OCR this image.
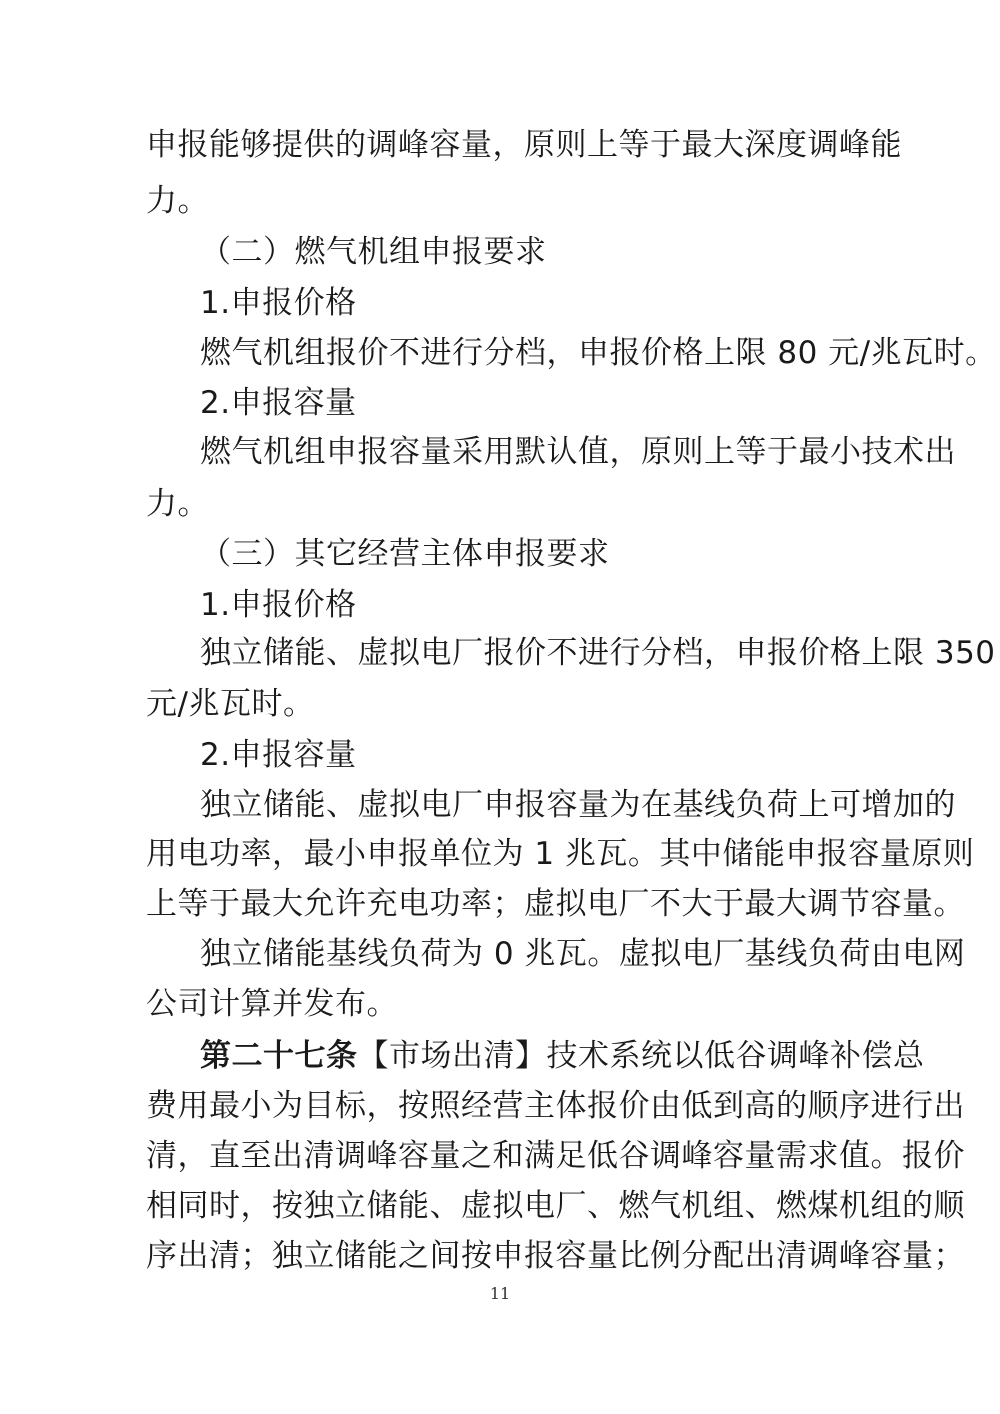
申报能够提供的调峰容量，原则上等于最大深度调峰能

力。

（二）燃气机组申报要求

1.申报价格

燃气机组报价不进行分档，申报价格上限 80 元/兆瓦时。

2.申报容量

燃气机组申报容量采用默认值，原则上等于最小技术出

力。

（三）其它经营主体申报要求

1.申报价格

独立储能、虚拟电厂报价不进行分档，申报价格上限 350

元/兆瓦时。

2.申报容量

独立储能、虚拟电厂申报容量为在基线负荷上可增加的

用电功率，最小申报单位为 1 兆瓦。其中储能申报容量原则

上等于最大允许充电功率；虚拟电厂不大于最大调节容量。

独立储能基线负荷为 0 兆瓦。虚拟电厂基线负荷由电网

公司计算并发布。

第二十七条 【市场出清】 技术系统以低谷调峰补偿总

费用最小为目标，按照经营主体报价由低到高的顺序进行出

清，直至出清调峰容量之和满足低谷调峰容量需求值。报价

相同时，按独立储能、虚拟电厂、燃气机组、燃煤机组的顺

序出清；独立储能之间按申报容量比例分配出清调峰容量；

11
